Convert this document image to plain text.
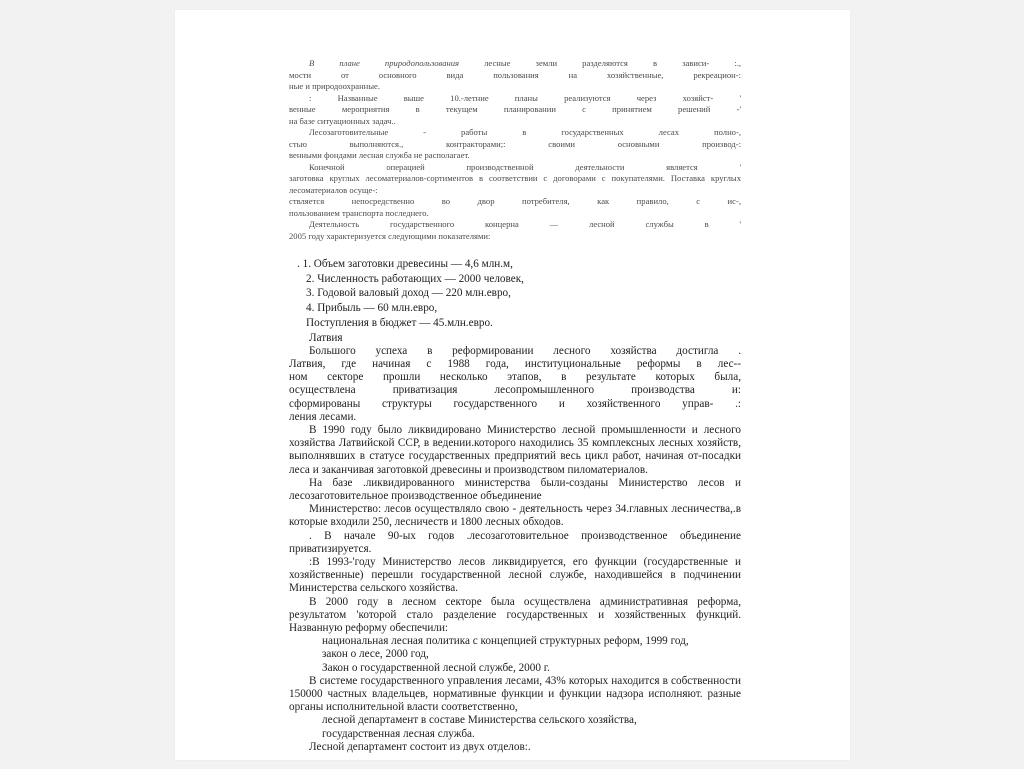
В плане природопользования лесные земли разделяются в зависи- :.,

мости от основного вида пользования на хозяйственные, рекреацион-:
ные и природоохранные.

: Названные выше 10.-летние планы реализуются через хозяйст- '

венные мероприятия в текущем планировании с принятием решений -'
на базе ситуационных задач..

Лесозаготовительные - работы в государственных лесах полно-,

стью выполняются., контракторами;: своими основными производ-:
венными фондами лесная служба не располагает.

Конечной операцией производственной деятельности является '

заготовка круглых лесоматериалов-сортиментов в соответствии с договорами с покупателями. Поставка круглых лесоматериалов осуще-:
ствляется непосредственно во двор потребителя, как правило, с ис-,
пользованием транспорта последнего.

Деятельность государственного концерна — лесной службы в '

2005 году характеризуется следующими показателями:
. 1. Объем заготовки древесины — 4,6 млн.м,
2. Численность работающих — 2000 человек,
3. Годовой валовый доход — 220 млн.евро,
4. Прибыль — 60 млн.евро,
Поступления в бюджет — 45.млн.евро.
Латвия
Большого успеха в реформировании лесного хозяйства достигла .
Латвия, где начиная с 1988 года, институциональные реформы в лес--
ном секторе прошли несколько этапов, в результате которых была,
осуществлена приватизация лесопромышленного производства и:
сформированы структуры государственного и хозяйственного управ- .:
ления лесами.

В 1990 году было ликвидировано Министерство лесной промышленности и лесного хозяйства Латвийской ССР, в ведении.которого находились 35 комплексных лесных хозяйств, выполнявших в статусе государственных предприятий весь цикл работ, начиная от-посадки леса и заканчивая заготовкой древесины и производством пиломатериалов.

На базе .ликвидированного министерства были-созданы Министерство лесов и лесозаготовительное производственное объединение

Министерство: лесов осуществляло свою - деятельность через 34.главных лесничества,.в которые входили 250, лесничеств и 1800 лесных обходов.

. В начале 90-ых годов .лесозаготовительное производственное объединение приватизируется.

:В 1993-'году Министерство лесов ликвидируется, его функции (государственные и хозяйственные) перешли государственной лесной службе, находившейся в подчинении Министерства сельского хозяйства.

В 2000 году в лесном секторе была осуществлена административная реформа, результатом 'которой стало разделение государственных и хозяйственных функций. Названную реформу обеспечили:

национальная лесная политика с концепцией структурных реформ, 1999 год,
закон о лесе, 2000 год,
Закон о государственной лесной службе, 2000 г.

В системе государственного управления лесами, 43% которых находится в собственности 150000 частных владельцев, нормативные функции и функции надзора исполняют. разные органы исполнительной власти соответственно,

лесной департамент в составе Министерства сельского хозяйства,
государственная лесная служба.

Лесной департамент состоит из двух отделов:.
